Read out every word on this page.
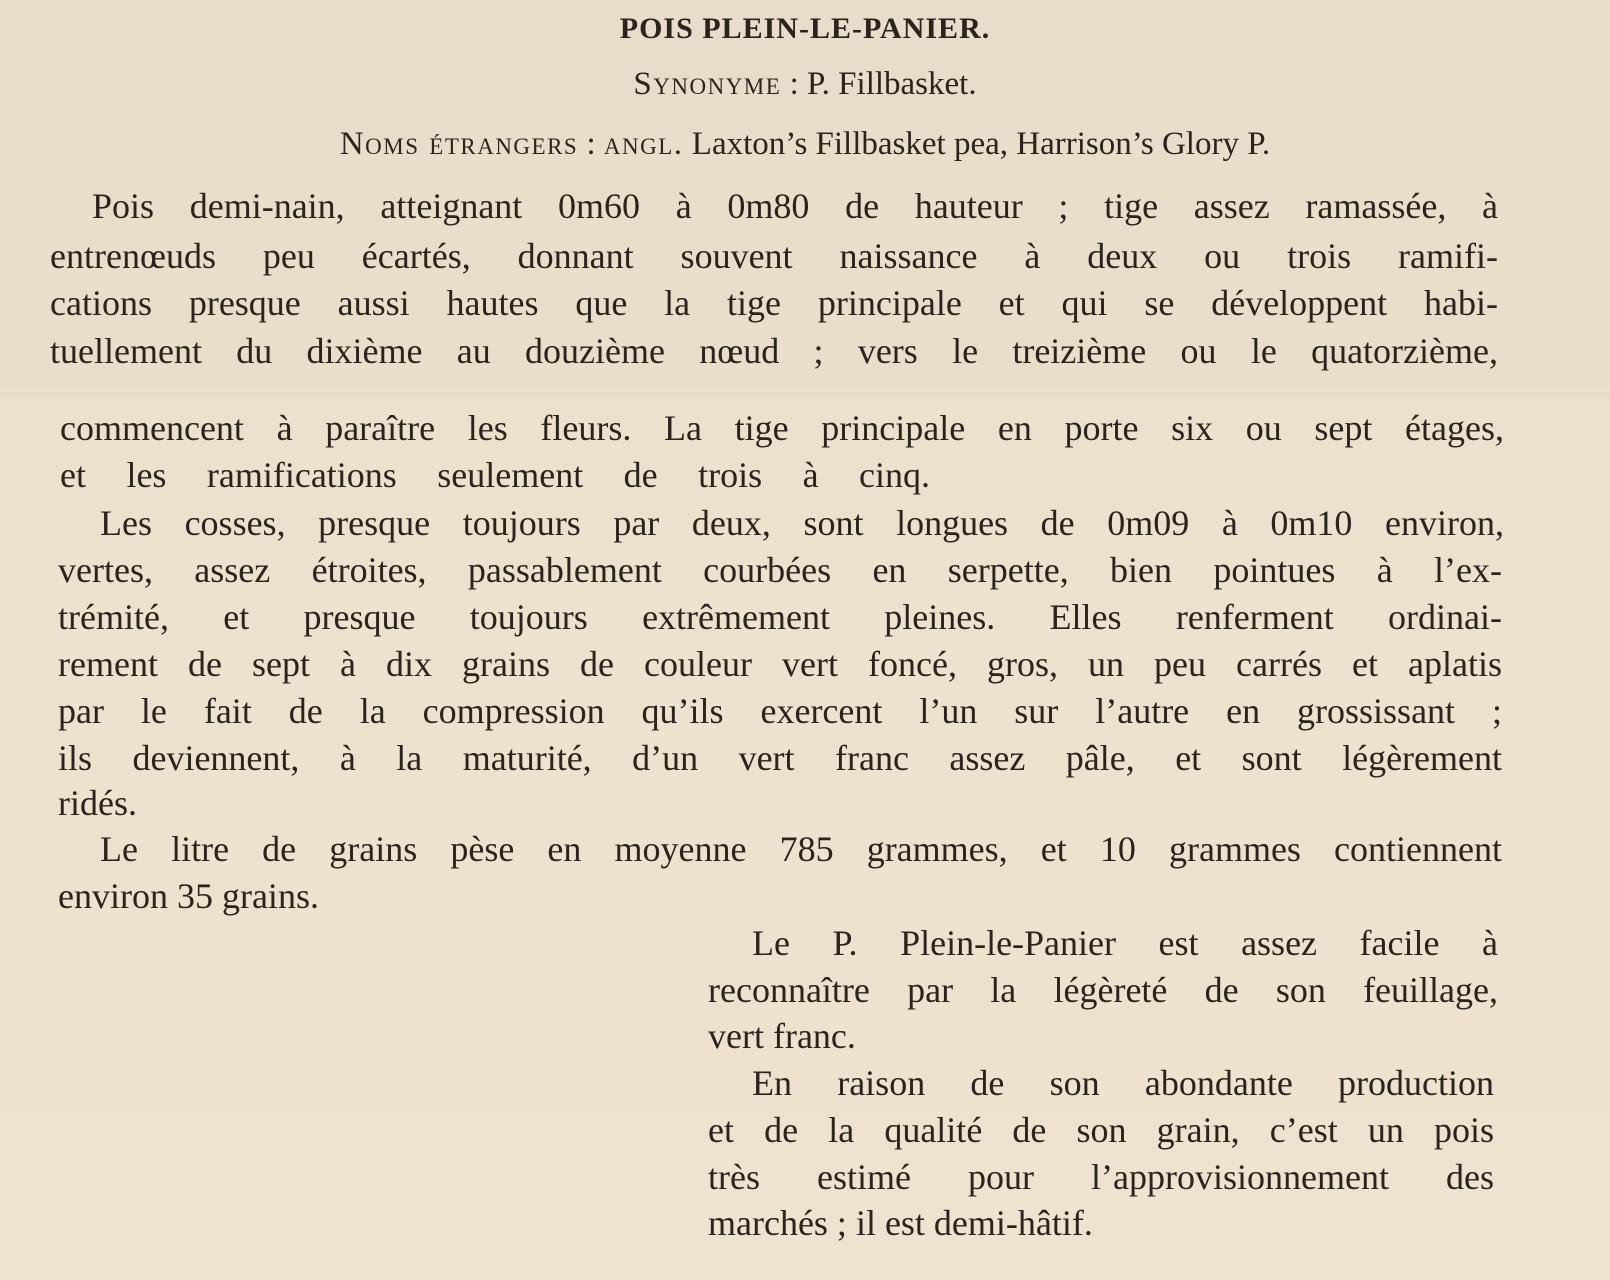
POIS PLEIN-LE-PANIER.
Synonyme : P. Fillbasket.
Noms étrangers : angl. Laxton’s Fillbasket pea, Harrison’s Glory P.
Pois demi-nain, atteignant 0m60 à 0m80 de hauteur ; tige assez ramassée, à
entrenœuds peu écartés, donnant souvent naissance à deux ou trois ramifi-
cations presque aussi hautes que la tige principale et qui se développent habi-
tuellement du dixième au douzième nœud ; vers le treizième ou le quatorzième,
commencent à paraître les fleurs. La tige principale en porte six ou sept étages,
et les ramifications seulement de trois à cinq.
Les cosses, presque toujours par deux, sont longues de 0m09 à 0m10 environ,
vertes, assez étroites, passablement courbées en serpette, bien pointues à l’ex-
trémité, et presque toujours extrêmement pleines. Elles renferment ordinai-
rement de sept à dix grains de couleur vert foncé, gros, un peu carrés et aplatis
par le fait de la compression qu’ils exercent l’un sur l’autre en grossissant ;
ils deviennent, à la maturité, d’un vert franc assez pâle, et sont légèrement
ridés.
Le litre de grains pèse en moyenne 785 grammes, et 10 grammes contiennent
environ 35 grains.
Le P. Plein-le-Panier est assez facile à
reconnaître par la légèreté de son feuillage,
vert franc.
En raison de son abondante production
et de la qualité de son grain, c’est un pois
très estimé pour l’approvisionnement des
marchés ; il est demi-hâtif.
